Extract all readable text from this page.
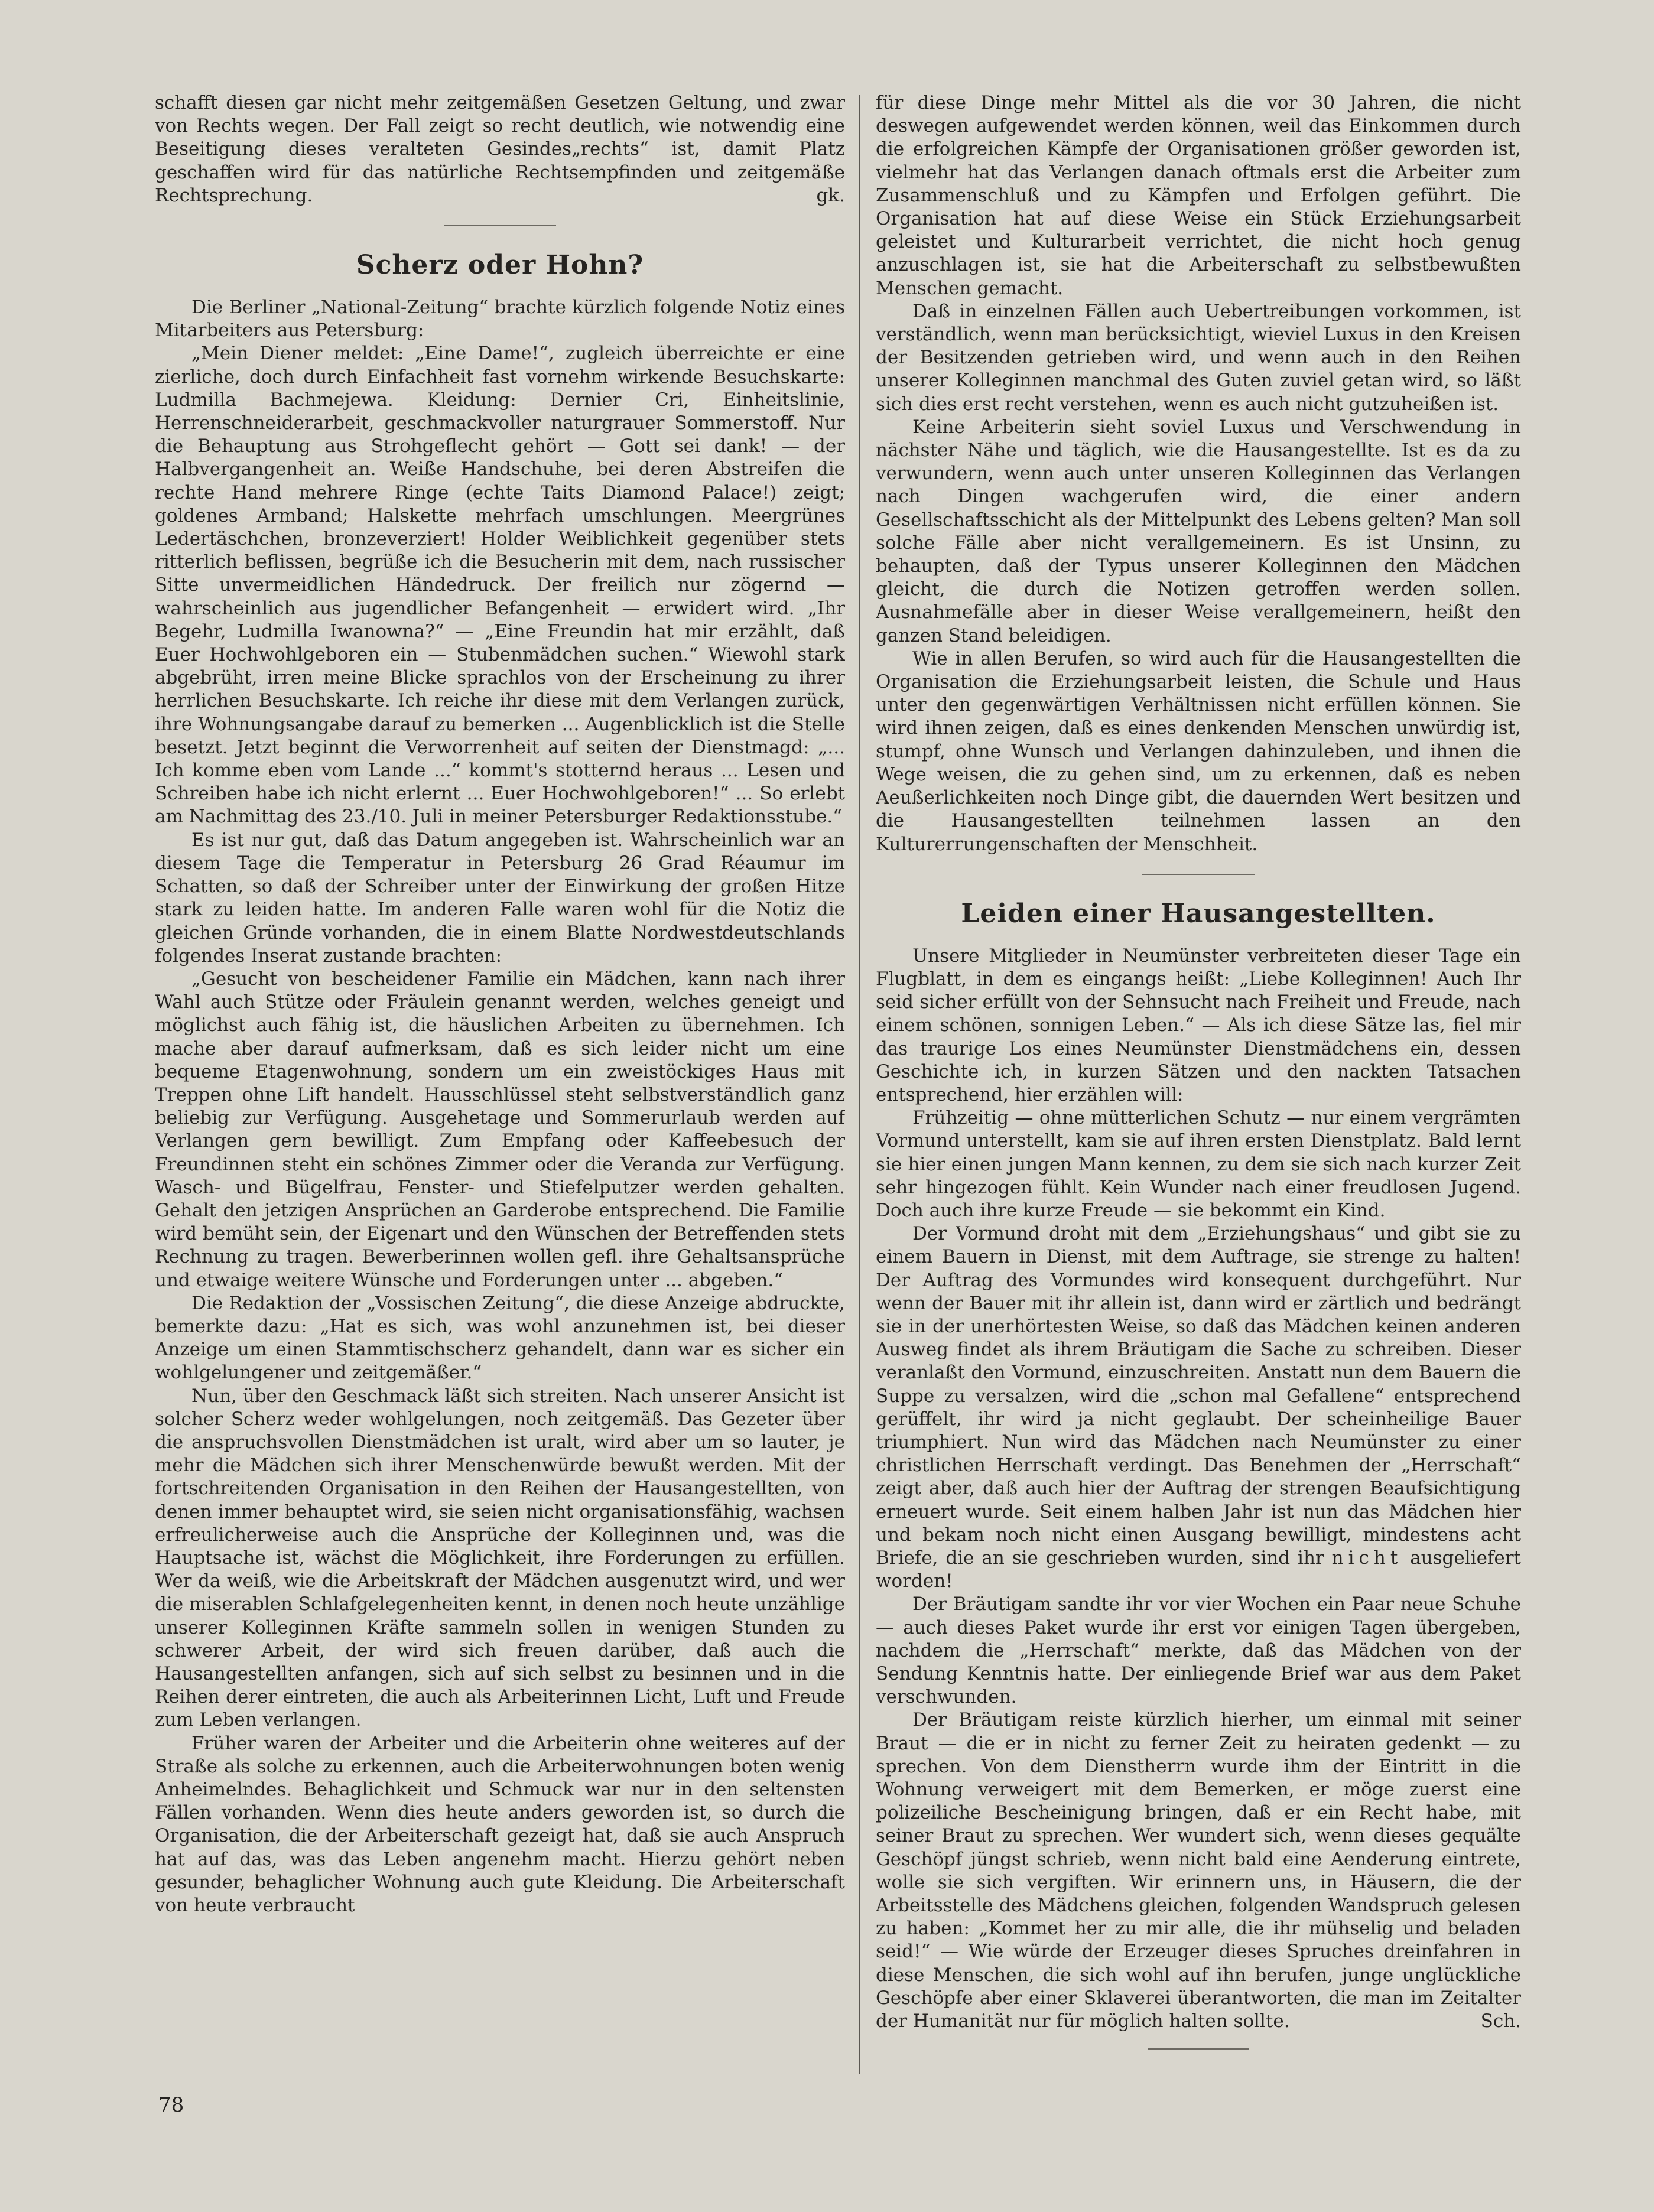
schafft diesen gar nicht mehr zeitgemäßen Gesetzen Geltung, und zwar von Rechts wegen. Der Fall zeigt so recht deutlich, wie notwendig eine Beseitigung dieses veralteten Gesindes„rechts“ ist, damit Platz geschaffen wird für das natürliche Rechtsempfinden und zeitgemäße Rechtsprechung.	gk.

Scherz oder Hohn?

Die Berliner „National-Zeitung“ brachte kürzlich folgende Notiz eines Mitarbeiters aus Petersburg:

„Mein Diener meldet: „Eine Dame!“, zugleich überreichte er eine zierliche, doch durch Einfachheit fast vornehm wirkende Besuchskarte: Ludmilla Bachmejewa. Kleidung: Dernier Cri, Einheitslinie, Herrenschneiderarbeit, geschmackvoller naturgrauer Sommerstoff. Nur die Behauptung aus Strohgeflecht gehört — Gott sei dank! — der Halbvergangenheit an. Weiße Handschuhe, bei deren Abstreifen die rechte Hand mehrere Ringe (echte Taits Diamond Palace!) zeigt; goldenes Armband; Halskette mehrfach umschlungen. Meergrünes Ledertäschchen, bronzeverziert! Holder Weiblichkeit gegenüber stets ritterlich beflissen, begrüße ich die Besucherin mit dem, nach russischer Sitte unvermeidlichen Händedruck. Der freilich nur zögernd — wahrscheinlich aus jugendlicher Befangenheit — erwidert wird. „Ihr Begehr, Ludmilla Iwanowna?“ — „Eine Freundin hat mir erzählt, daß Euer Hochwohlgeboren ein — Stubenmädchen suchen.“ Wiewohl stark abgebrüht, irren meine Blicke sprachlos von der Erscheinung zu ihrer herrlichen Besuchskarte. Ich reiche ihr diese mit dem Verlangen zurück, ihre Wohnungsangabe darauf zu bemerken ... Augenblicklich ist die Stelle besetzt. Jetzt beginnt die Verworrenheit auf seiten der Dienstmagd: „... Ich komme eben vom Lande ...“ kommt's stotternd heraus ... Lesen und Schreiben habe ich nicht erlernt ... Euer Hochwohlgeboren!“ ... So erlebt am Nachmittag des 23./10. Juli in meiner Petersburger Redaktionsstube.“

Es ist nur gut, daß das Datum angegeben ist. Wahrscheinlich war an diesem Tage die Temperatur in Petersburg 26 Grad Réaumur im Schatten, so daß der Schreiber unter der Einwirkung der großen Hitze stark zu leiden hatte. Im anderen Falle waren wohl für die Notiz die gleichen Gründe vorhanden, die in einem Blatte Nordwestdeutschlands folgendes Inserat zustande brachten:

„Gesucht von bescheidener Familie ein Mädchen, kann nach ihrer Wahl auch Stütze oder Fräulein genannt werden, welches geneigt und möglichst auch fähig ist, die häuslichen Arbeiten zu übernehmen. Ich mache aber darauf aufmerksam, daß es sich leider nicht um eine bequeme Etagenwohnung, sondern um ein zweistöckiges Haus mit Treppen ohne Lift handelt. Hausschlüssel steht selbstverständlich ganz beliebig zur Verfügung. Ausgehetage und Sommerurlaub werden auf Verlangen gern bewilligt. Zum Empfang oder Kaffeebesuch der Freundinnen steht ein schönes Zimmer oder die Veranda zur Verfügung. Wasch- und Bügelfrau, Fenster- und Stiefelputzer werden gehalten. Gehalt den jetzigen Ansprüchen an Garderobe entsprechend. Die Familie wird bemüht sein, der Eigenart und den Wünschen der Betreffenden stets Rechnung zu tragen. Bewerberinnen wollen gefl. ihre Gehaltsansprüche und etwaige weitere Wünsche und Forderungen unter ... abgeben.“

Die Redaktion der „Vossischen Zeitung“, die diese Anzeige abdruckte, bemerkte dazu: „Hat es sich, was wohl anzunehmen ist, bei dieser Anzeige um einen Stammtischscherz gehandelt, dann war es sicher ein wohlgelungener und zeitgemäßer.“

Nun, über den Geschmack läßt sich streiten. Nach unserer Ansicht ist solcher Scherz weder wohlgelungen, noch zeitgemäß. Das Gezeter über die anspruchsvollen Dienstmädchen ist uralt, wird aber um so lauter, je mehr die Mädchen sich ihrer Menschenwürde bewußt werden. Mit der fortschreitenden Organisation in den Reihen der Hausangestellten, von denen immer behauptet wird, sie seien nicht organisationsfähig, wachsen erfreulicherweise auch die Ansprüche der Kolleginnen und, was die Hauptsache ist, wächst die Möglichkeit, ihre Forderungen zu erfüllen. Wer da weiß, wie die Arbeitskraft der Mädchen ausgenutzt wird, und wer die miserablen Schlafgelegenheiten kennt, in denen noch heute unzählige unserer Kolleginnen Kräfte sammeln sollen in wenigen Stunden zu schwerer Arbeit, der wird sich freuen darüber, daß auch die Hausangestellten anfangen, sich auf sich selbst zu besinnen und in die Reihen derer eintreten, die auch als Arbeiterinnen Licht, Luft und Freude zum Leben verlangen.

Früher waren der Arbeiter und die Arbeiterin ohne weiteres auf der Straße als solche zu erkennen, auch die Arbeiterwohnungen boten wenig Anheimelndes. Behaglichkeit und Schmuck war nur in den seltensten Fällen vorhanden. Wenn dies heute anders geworden ist, so durch die Organisation, die der Arbeiterschaft gezeigt hat, daß sie auch Anspruch hat auf das, was das Leben angenehm macht. Hierzu gehört neben gesunder, behaglicher Wohnung auch gute Kleidung. Die Arbeiterschaft von heute verbraucht

für diese Dinge mehr Mittel als die vor 30 Jahren, die nicht deswegen aufgewendet werden können, weil das Einkommen durch die erfolgreichen Kämpfe der Organisationen größer geworden ist, vielmehr hat das Verlangen danach oftmals erst die Arbeiter zum Zusammenschluß und zu Kämpfen und Erfolgen geführt. Die Organisation hat auf diese Weise ein Stück Erziehungsarbeit geleistet und Kulturarbeit verrichtet, die nicht hoch genug anzuschlagen ist, sie hat die Arbeiterschaft zu selbstbewußten Menschen gemacht.

Daß in einzelnen Fällen auch Uebertreibungen vorkommen, ist verständlich, wenn man berücksichtigt, wieviel Luxus in den Kreisen der Besitzenden getrieben wird, und wenn auch in den Reihen unserer Kolleginnen manchmal des Guten zuviel getan wird, so läßt sich dies erst recht verstehen, wenn es auch nicht gutzuheißen ist.

Keine Arbeiterin sieht soviel Luxus und Verschwendung in nächster Nähe und täglich, wie die Hausangestellte. Ist es da zu verwundern, wenn auch unter unseren Kolleginnen das Verlangen nach Dingen wachgerufen wird, die einer andern Gesellschaftsschicht als der Mittelpunkt des Lebens gelten? Man soll solche Fälle aber nicht verallgemeinern. Es ist Unsinn, zu behaupten, daß der Typus unserer Kolleginnen den Mädchen gleicht, die durch die Notizen getroffen werden sollen. Ausnahmefälle aber in dieser Weise verallgemeinern, heißt den ganzen Stand beleidigen.

Wie in allen Berufen, so wird auch für die Hausangestellten die Organisation die Erziehungsarbeit leisten, die Schule und Haus unter den gegenwärtigen Verhältnissen nicht erfüllen können. Sie wird ihnen zeigen, daß es eines denkenden Menschen unwürdig ist, stumpf, ohne Wunsch und Verlangen dahinzuleben, und ihnen die Wege weisen, die zu gehen sind, um zu erkennen, daß es neben Aeußerlichkeiten noch Dinge gibt, die dauernden Wert besitzen und die Hausangestellten teilnehmen lassen an den Kulturerrungenschaften der Menschheit.

Leiden einer Hausangestellten.

Unsere Mitglieder in Neumünster verbreiteten dieser Tage ein Flugblatt, in dem es eingangs heißt: „Liebe Kolleginnen! Auch Ihr seid sicher erfüllt von der Sehnsucht nach Freiheit und Freude, nach einem schönen, sonnigen Leben.“ — Als ich diese Sätze las, fiel mir das traurige Los eines Neumünster Dienstmädchens ein, dessen Geschichte ich, in kurzen Sätzen und den nackten Tatsachen entsprechend, hier erzählen will:

Frühzeitig — ohne mütterlichen Schutz — nur einem vergrämten Vormund unterstellt, kam sie auf ihren ersten Dienstplatz. Bald lernt sie hier einen jungen Mann kennen, zu dem sie sich nach kurzer Zeit sehr hingezogen fühlt. Kein Wunder nach einer freudlosen Jugend. Doch auch ihre kurze Freude — sie bekommt ein Kind.

Der Vormund droht mit dem „Erziehungshaus“ und gibt sie zu einem Bauern in Dienst, mit dem Auftrage, sie strenge zu halten! Der Auftrag des Vormundes wird konsequent durchgeführt. Nur wenn der Bauer mit ihr allein ist, dann wird er zärtlich und bedrängt sie in der unerhörtesten Weise, so daß das Mädchen keinen anderen Ausweg findet als ihrem Bräutigam die Sache zu schreiben. Dieser veranlaßt den Vormund, einzuschreiten. Anstatt nun dem Bauern die Suppe zu versalzen, wird die „schon mal Gefallene“ entsprechend gerüffelt, ihr wird ja nicht geglaubt. Der scheinheilige Bauer triumphiert. Nun wird das Mädchen nach Neumünster zu einer christlichen Herrschaft verdingt. Das Benehmen der „Herrschaft“ zeigt aber, daß auch hier der Auftrag der strengen Beaufsichtigung erneuert wurde. Seit einem halben Jahr ist nun das Mädchen hier und bekam noch nicht einen Ausgang bewilligt, mindestens acht Briefe, die an sie geschrieben wurden, sind ihr nicht ausgeliefert worden!

Der Bräutigam sandte ihr vor vier Wochen ein Paar neue Schuhe — auch dieses Paket wurde ihr erst vor einigen Tagen übergeben, nachdem die „Herrschaft“ merkte, daß das Mädchen von der Sendung Kenntnis hatte. Der einliegende Brief war aus dem Paket verschwunden.

Der Bräutigam reiste kürzlich hierher, um einmal mit seiner Braut — die er in nicht zu ferner Zeit zu heiraten gedenkt — zu sprechen. Von dem Dienstherrn wurde ihm der Eintritt in die Wohnung verweigert mit dem Bemerken, er möge zuerst eine polizeiliche Bescheinigung bringen, daß er ein Recht habe, mit seiner Braut zu sprechen. Wer wundert sich, wenn dieses gequälte Geschöpf jüngst schrieb, wenn nicht bald eine Aenderung eintrete, wolle sie sich vergiften. Wir erinnern uns, in Häusern, die der Arbeitsstelle des Mädchens gleichen, folgenden Wandspruch gelesen zu haben: „Kommet her zu mir alle, die ihr mühselig und beladen seid!“ — Wie würde der Erzeuger dieses Spruches dreinfahren in diese Menschen, die sich wohl auf ihn berufen, junge unglückliche Geschöpfe aber einer Sklaverei überantworten, die man im Zeitalter der Humanität nur für möglich halten sollte.	Sch.

78
